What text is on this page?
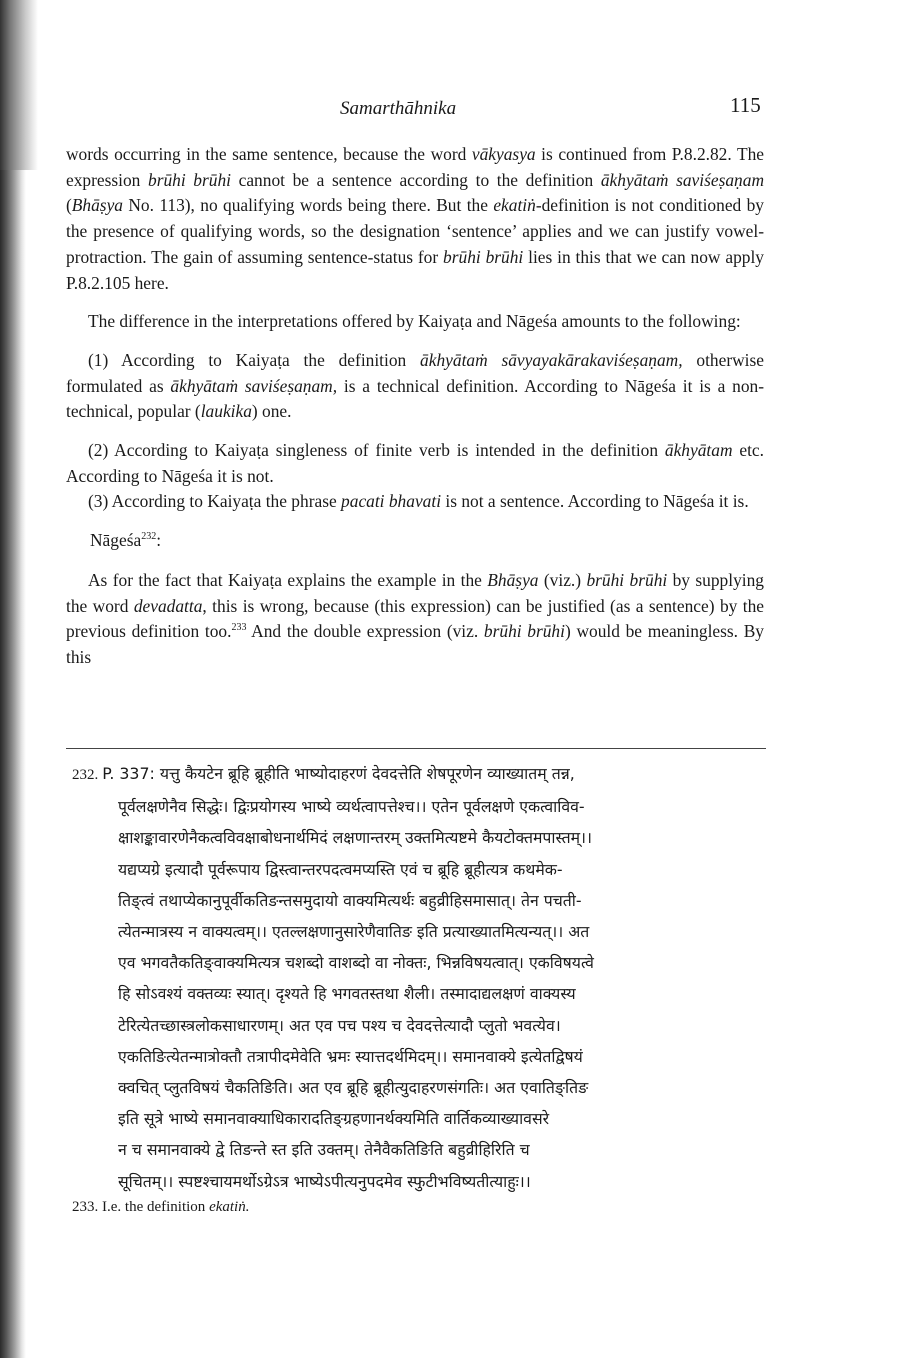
Samarthāhnika	115

words occurring in the same sentence, because the word vākyasya is continued from P.8.2.82. The expression brūhi brūhi cannot be a sentence according to the definition ākhyātaṁ saviśeṣaṇam (Bhāṣya No. 113), no qualifying words being there. But the ekatiṅ-definition is not conditioned by the presence of qualifying words, so the designation ‘sentence’ applies and we can justify vowel-protraction. The gain of assuming sentence-status for brūhi brūhi lies in this that we can now apply P.8.2.105 here.

The difference in the interpretations offered by Kaiyaṭa and Nāgeśa amounts to the following:

(1) According to Kaiyaṭa the definition ākhyātaṁ sāvyayakārakaviśeṣaṇam, otherwise formulated as ākhyātaṁ saviśeṣaṇam, is a technical definition. According to Nāgeśa it is a non-technical, popular (laukika) one.

(2) According to Kaiyaṭa singleness of finite verb is intended in the definition ākhyātam etc. According to Nāgeśa it is not.

(3) According to Kaiyaṭa the phrase pacati bhavati is not a sentence. According to Nāgeśa it is.

Nāgeśa$^{232}$:

As for the fact that Kaiyaṭa explains the example in the Bhāṣya (viz.) brūhi brūhi by supplying the word devadatta, this is wrong, because (this expression) can be justified (as a sentence) by the previous definition too.$^{233}$ And the double expression (viz. brūhi brūhi) would be meaningless. By this

232. P. 337: यत्तु कैयटेन ब्रूहि ब्रूहीति भाष्योदाहरणं देवदत्तेति शेषपूरणेन व्याख्यातम् तन्न,
पूर्वलक्षणेनैव सिद्धेः। द्विःप्रयोगस्य भाष्ये व्यर्थत्वापत्तेश्च।। एतेन पूर्वलक्षणे एकत्वाविव-
क्षाशङ्कावारणेनैकत्वविवक्षाबोधनार्थमिदं लक्षणान्तरम् उक्तमित्यष्टमे कैयटोक्तमपास्तम्।।
यद्यप्यग्रे इत्यादौ पूर्वरूपाय द्विस्त्वान्तरपदत्वमप्यस्ति एवं च ब्रूहि ब्रूहीत्यत्र कथमेक-
तिङ्त्वं तथाप्येकानुपूर्वीकतिङन्तसमुदायो वाक्यमित्यर्थः बहुव्रीहिसमासात्। तेन पचती-
त्येतन्मात्रस्य न वाक्यत्वम्।। एतल्लक्षणानुसारेणैवातिङ इति प्रत्याख्यातमित्यन्यत्।। अत
एव भगवतैकतिङ्वाक्यमित्यत्र चशब्दो वाशब्दो वा नोक्तः, भिन्नविषयत्वात्। एकविषयत्वे
हि सोऽवश्यं वक्तव्यः स्यात्। दृश्यते हि भगवतस्तथा शैली। तस्मादाद्यलक्षणं वाक्यस्य
टेरित्येतच्छास्त्रलोकसाधारणम्। अत एव पच पश्य च देवदत्तेत्यादौ प्लुतो भवत्येव।
एकतिङित्येतन्मात्रोक्तौ तत्रापीदमेवेति भ्रमः स्यात्तदर्थमिदम्।। समानवाक्ये इत्येतद्विषयं
क्वचित् प्लुतविषयं चैकतिङिति। अत एव ब्रूहि ब्रूहीत्युदाहरणसंगतिः। अत एवातिङ्तिङ
इति सूत्रे भाष्ये समानवाक्याधिकारादतिङ्ग्रहणानर्थक्यमिति वार्तिकव्याख्यावसरे
न च समानवाक्ये द्वे तिङन्ते स्त इति उक्तम्। तेनैवैकतिङिति बहुव्रीहिरिति च
सूचितम्।। स्पष्टश्चायमर्थोऽग्रेऽत्र भाष्येऽपीत्यनुपदमेव स्फुटीभविष्यतीत्याहुः।।
233. I.e. the definition ekatiṅ.
